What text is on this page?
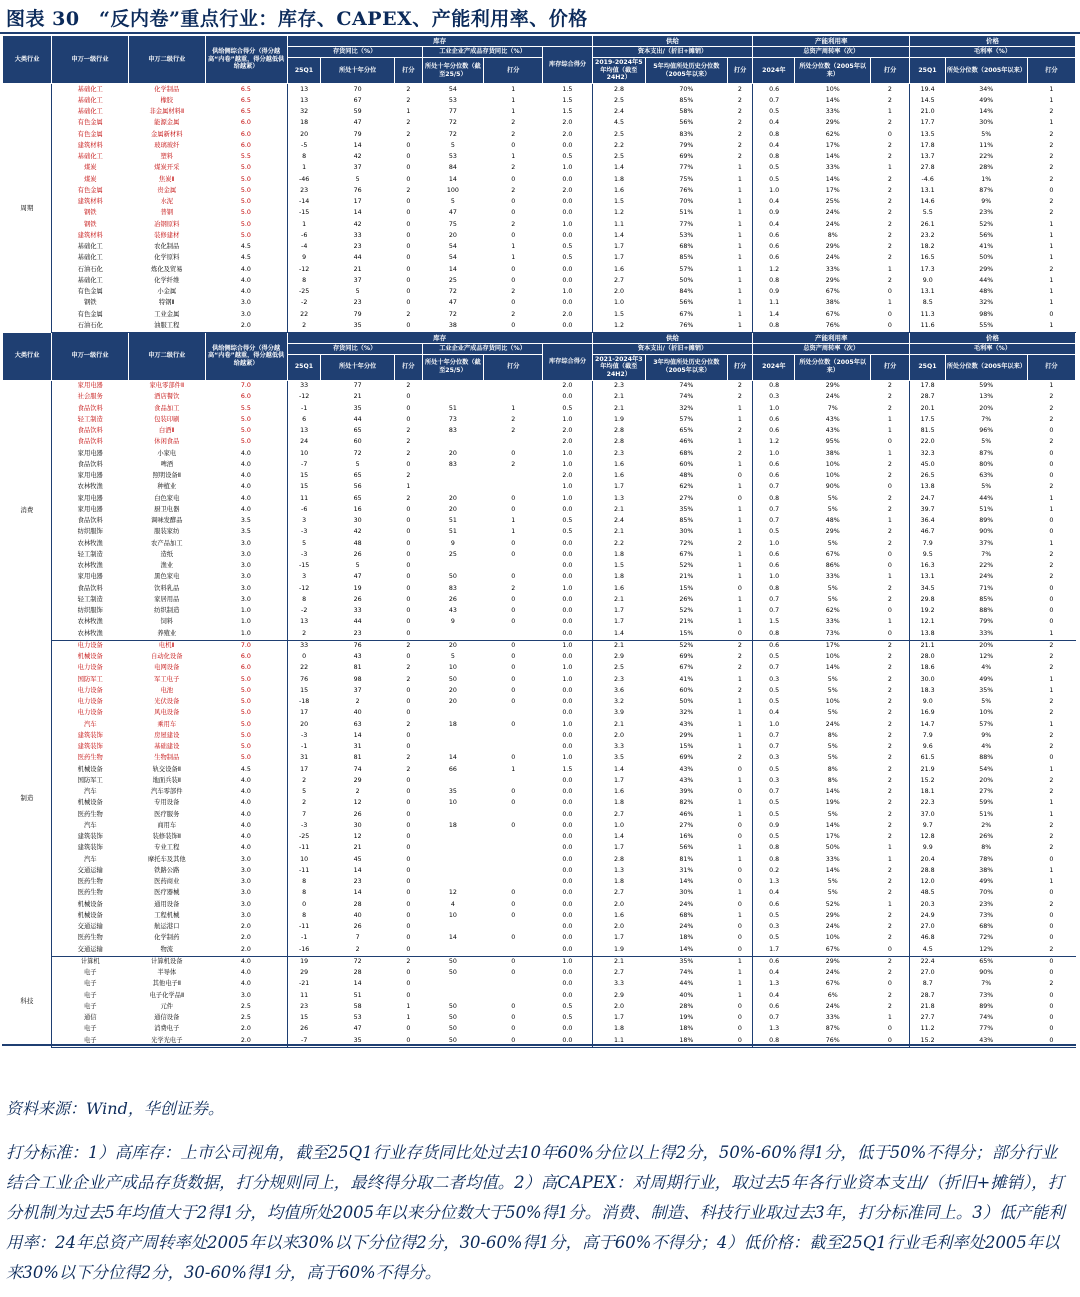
图表 30　“反内卷”重点行业：库存、CAPEX、产能利用率、价格
大类行业	申万一级行业	申万二级行业	供给侧综合得分（得分越高“内卷”越重，得分越低供给越紧）	库存						供给			产能利用率			价格		
				存货同比（%）			工业企业产成品存货同比（%）		库存综合得分	资本支出/（折旧+摊销）			总资产周转率（次）			毛利率（%）		
				25Q1	所处十年分位	打分	所处十年分位数（截至25/5）	打分		2019-2024年5年均值（截至24H2）	5年均值所处历史分位数（2005年以来）	打分	2024年	所处分位数（2005年以来）	打分	25Q1	所处分位数（2005年以来）	打分
周期	基础化工	化学制品	6.5	13	70	2	54	1	1.5	2.8	70%	2	0.6	10%	2	19.4	34%	1
	基础化工	橡胶	6.5	13	67	2	53	1	1.5	2.5	85%	2	0.7	14%	2	14.5	49%	1
	基础化工	非金属材料Ⅱ	6.5	32	59	1	77	1	1.5	2.4	58%	2	0.5	33%	1	21.0	14%	2
	有色金属	能源金属	6.0	18	47	2	72	2	2.0	4.5	56%	2	0.4	29%	2	17.7	30%	1
	有色金属	金属新材料	6.0	20	79	2	72	2	2.0	2.5	83%	2	0.8	62%	0	13.5	5%	2
	建筑材料	玻璃玻纤	6.0	-5	14	0	5	0	0.0	2.2	79%	2	0.4	17%	2	17.8	11%	2
	基础化工	塑料	5.5	8	42	0	53	1	0.5	2.5	69%	2	0.8	14%	2	13.7	22%	2
	煤炭	煤炭开采	5.0	1	37	0	84	2	1.0	1.4	77%	1	0.5	33%	1	27.8	28%	2
	煤炭	焦炭Ⅱ	5.0	-46	5	0	14	0	0.0	1.8	75%	1	0.5	14%	2	-4.6	1%	2
	有色金属	贵金属	5.0	23	76	2	100	2	2.0	1.6	76%	1	1.0	17%	2	13.1	87%	0
	建筑材料	水泥	5.0	-14	17	0	5	0	0.0	1.5	70%	1	0.4	25%	2	14.6	9%	2
	钢铁	普钢	5.0	-15	14	0	47	0	0.0	1.2	51%	1	0.9	24%	2	5.5	23%	2
	钢铁	冶钢原料	5.0	1	42	0	75	2	1.0	1.1	77%	1	0.4	24%	2	26.1	52%	1
	建筑材料	装修建材	5.0	-6	33	0	20	0	0.0	1.4	53%	1	0.6	8%	2	23.2	56%	1
	基础化工	农化制品	4.5	-4	23	0	54	1	0.5	1.7	68%	1	0.6	29%	2	18.2	41%	1
	基础化工	化学原料	4.5	9	44	0	54	1	0.5	1.7	85%	1	0.6	24%	2	16.5	50%	1
	石油石化	炼化及贸易	4.0	-12	21	0	14	0	0.0	1.6	57%	1	1.2	33%	1	17.3	29%	2
	基础化工	化学纤维	4.0	8	37	0	25	0	0.0	2.7	50%	1	0.8	29%	2	9.0	44%	1
	有色金属	小金属	4.0	-25	5	0	72	2	1.0	2.0	84%	1	0.9	67%	0	13.1	48%	1
	钢铁	特钢Ⅱ	3.0	-2	23	0	47	0	0.0	1.0	56%	1	1.1	38%	1	8.5	32%	1
	有色金属	工业金属	3.0	22	79	2	72	2	2.0	1.5	67%	1	1.4	67%	0	11.3	98%	0
	石油石化	油服工程	2.0	2	35	0	38	0	0.0	1.2	76%	1	0.8	76%	0	11.6	55%	1
大类行业	申万一级行业	申万二级行业	供给侧综合得分（得分越高“内卷”越重，得分越低供给越紧）	库存						供给			产能利用率			价格		
				存货同比（%）			工业企业产成品存货同比（%）		库存综合得分	资本支出/（折旧+摊销）			总资产周转率（次）			毛利率（%）		
				25Q1	所处十年分位	打分	所处十年分位数（截至25/5）	打分		2021-2024年3年均值（截至24H2）	3年均值所处历史分位数（2005年以来）	打分	2024年	所处分位数（2005年以来）	打分	25Q1	所处分位数（2005年以来）	打分
消费	家用电器	家电零部件Ⅱ	7.0	33	77	2			2.0	2.3	74%	2	0.8	29%	2	17.8	59%	1
	社会服务	酒店餐饮	6.0	-12	21	0			0.0	2.1	74%	2	0.3	24%	2	28.7	13%	2
	食品饮料	食品加工	5.5	-1	35	0	51	1	0.5	2.1	32%	1	1.0	7%	2	20.1	20%	2
	轻工制造	包装印刷	5.0	6	44	0	73	2	1.0	1.9	57%	1	0.6	43%	1	17.5	7%	2
	食品饮料	白酒Ⅱ	5.0	13	65	2	83	2	2.0	2.8	65%	2	0.6	43%	1	81.5	96%	0
	食品饮料	休闲食品	5.0	24	60	2			2.0	2.8	46%	1	1.2	95%	0	22.0	5%	2
	家用电器	小家电	4.0	10	72	2	20	0	1.0	2.3	68%	2	1.0	38%	1	32.3	87%	0
	食品饮料	啤酒	4.0	-7	5	0	83	2	1.0	1.6	60%	1	0.6	10%	2	45.0	80%	0
	家用电器	照明设备Ⅱ	4.0	15	65	2			2.0	1.6	48%	0	0.6	10%	2	26.5	63%	0
	农林牧渔	种植业	4.0	15	56	1			1.0	1.7	62%	1	0.7	90%	0	13.8	5%	2
	家用电器	白色家电	4.0	11	65	2	20	0	1.0	1.3	27%	0	0.8	5%	2	24.7	44%	1
	家用电器	厨卫电器	4.0	-6	16	0	20	0	0.0	2.1	35%	1	0.7	5%	2	39.7	51%	1
	食品饮料	调味发酵品	3.5	3	30	0	51	1	0.5	2.4	85%	1	0.7	48%	1	36.4	89%	0
	纺织服饰	服装家纺	3.5	-3	42	0	51	1	0.5	2.1	30%	1	0.5	29%	2	46.7	90%	0
	农林牧渔	农产品加工	3.0	5	48	0	9	0	0.0	2.2	72%	2	1.0	5%	2	7.9	37%	1
	轻工制造	造纸	3.0	-3	26	0	25	0	0.0	1.8	67%	1	0.6	67%	0	9.5	7%	2
	农林牧渔	渔业	3.0	-15	5	0			0.0	1.5	52%	1	0.6	86%	0	16.3	22%	2
	家用电器	黑色家电	3.0	3	47	0	50	0	0.0	1.8	21%	1	1.0	33%	1	13.1	24%	2
	食品饮料	饮料乳品	3.0	-12	19	0	83	2	1.0	1.6	15%	0	0.8	5%	2	34.5	71%	0
	轻工制造	家居用品	3.0	8	26	0	26	0	0.0	2.1	26%	1	0.7	5%	2	29.8	85%	0
	纺织服饰	纺织制造	1.0	-2	33	0	43	0	0.0	1.7	52%	1	0.7	62%	0	19.2	88%	0
	农林牧渔	饲料	1.0	13	44	0	9	0	0.0	1.7	21%	1	1.5	33%	1	12.1	79%	0
	农林牧渔	养殖业	1.0	2	23	0			0.0	1.4	15%	0	0.8	73%	0	13.8	33%	1
制造	电力设备	电机Ⅱ	7.0	33	76	2	20	0	1.0	2.1	52%	2	0.6	17%	2	21.1	20%	2
	机械设备	自动化设备	6.0	0	43	0	5	0	0.0	2.9	69%	2	0.5	10%	2	28.0	12%	2
	电力设备	电网设备	6.0	22	81	2	10	0	1.0	2.5	67%	2	0.7	14%	2	18.6	4%	2
	国防军工	军工电子	5.0	76	98	2	50	0	1.0	2.3	41%	1	0.3	5%	2	30.0	49%	1
	电力设备	电池	5.0	15	37	0	20	0	0.0	3.6	60%	2	0.5	5%	2	18.3	35%	1
	电力设备	光伏设备	5.0	-18	2	0	20	0	0.0	3.2	50%	1	0.5	10%	2	9.0	5%	2
	电力设备	风电设备	5.0	17	40	0			0.0	3.9	32%	1	0.4	5%	2	16.9	10%	2
	汽车	乘用车	5.0	20	63	2	18	0	1.0	2.1	43%	1	1.0	24%	2	14.7	57%	1
	建筑装饰	房屋建设	5.0	-3	14	0			0.0	2.0	29%	1	0.7	8%	2	7.9	9%	2
	建筑装饰	基础建设	5.0	-1	31	0			0.0	3.3	15%	1	0.7	5%	2	9.6	4%	2
	医药生物	生物制品	5.0	31	81	2	14	0	1.0	3.5	69%	2	0.3	5%	2	61.5	88%	0
	机械设备	轨交设备Ⅱ	4.5	17	74	2	66	1	1.5	1.4	43%	0	0.5	8%	2	21.9	54%	1
	国防军工	地面兵装Ⅱ	4.0	2	29	0			0.0	1.7	43%	1	0.3	8%	2	15.2	20%	2
	汽车	汽车零部件	4.0	5	2	0	35	0	0.0	1.6	39%	0	0.7	14%	2	18.1	27%	2
	机械设备	专用设备	4.0	2	12	0	10	0	0.0	1.8	82%	1	0.5	19%	2	22.3	59%	1
	医药生物	医疗服务	4.0	7	26	0			0.0	2.7	46%	1	0.5	5%	2	37.0	51%	1
	汽车	商用车	4.0	-3	30	0	18	0	0.0	1.0	27%	0	0.9	14%	2	9.7	2%	2
	建筑装饰	装修装饰Ⅱ	4.0	-25	12	0			0.0	1.4	16%	0	0.5	17%	2	12.8	26%	2
	建筑装饰	专业工程	4.0	-11	21	0			0.0	1.7	56%	1	0.8	50%	1	9.9	8%	2
	汽车	摩托车及其他	3.0	10	45	0			0.0	2.8	81%	1	0.8	33%	1	20.4	78%	0
	交通运输	铁路公路	3.0	-11	14	0			0.0	1.3	31%	0	0.2	14%	2	28.8	38%	1
	医药生物	医药商业	3.0	8	23	0			0.0	1.8	14%	0	1.3	5%	2	12.0	49%	1
	医药生物	医疗器械	3.0	8	14	0	12	0	0.0	2.7	30%	1	0.4	5%	2	48.5	70%	0
	机械设备	通用设备	3.0	0	28	0	4	0	0.0	2.0	24%	0	0.6	52%	1	20.3	23%	2
	机械设备	工程机械	3.0	8	40	0	10	0	0.0	1.6	68%	1	0.5	29%	2	24.9	73%	0
	交通运输	航运港口	2.0	-11	26	0			0.0	2.0	24%	0	0.3	24%	2	27.0	68%	0
	医药生物	化学制药	2.0	-1	7	0	14	0	0.0	1.7	18%	0	0.5	10%	2	46.8	72%	0
	交通运输	物流	2.0	-16	2	0			0.0	1.9	14%	0	1.7	67%	0	4.5	12%	2
科技	计算机	计算机设备	4.0	19	72	2	50	0	1.0	2.1	35%	1	0.6	29%	2	22.4	65%	0
	电子	半导体	4.0	29	28	0	50	0	0.0	2.7	74%	1	0.4	24%	2	27.0	90%	0
	电子	其他电子Ⅱ	4.0	-21	14	0			0.0	3.3	44%	1	1.3	67%	0	8.7	7%	2
	电子	电子化学品Ⅱ	3.0	11	51	0			0.0	2.9	40%	1	0.4	6%	2	28.7	73%	0
	电子	元件	2.5	23	58	1	50	0	0.5	2.0	28%	0	0.6	24%	2	21.8	89%	0
	通信	通信设备	2.5	15	53	1	50	0	0.5	1.7	19%	0	0.7	33%	1	27.7	74%	0
	电子	消费电子	2.0	26	47	0	50	0	0.0	1.8	18%	0	1.3	87%	0	11.2	77%	0
	电子	光学光电子	2.0	-7	35	0	50	0	0.0	1.1	18%	0	0.8	76%	0	15.2	43%	0
资料来源：Wind，华创证券。
打分标准：1）高库存：上市公司视角，截至25Q1行业存货同比处过去10年60%分位以上得2分，50%-60%得1分，低于50%不得分；部分行业结合工业企业产成品存货数据，打分规则同上，最终得分取二者均值。2）高CAPEX：对周期行业，取过去5年各行业资本支出/（折旧+摊销），打分机制为过去5年均值大于2得1分，均值所处2005年以来分位数大于50%得1分。消费、制造、科技行业取过去3年，打分标准同上。3）低产能利用率：24年总资产周转率处2005年以来30%以下分位得2分，30-60%得1分，高于60%不得分；4）低价格：截至25Q1行业毛利率处2005年以来30%以下分位得2分，30-60%得1分，高于60%不得分。
